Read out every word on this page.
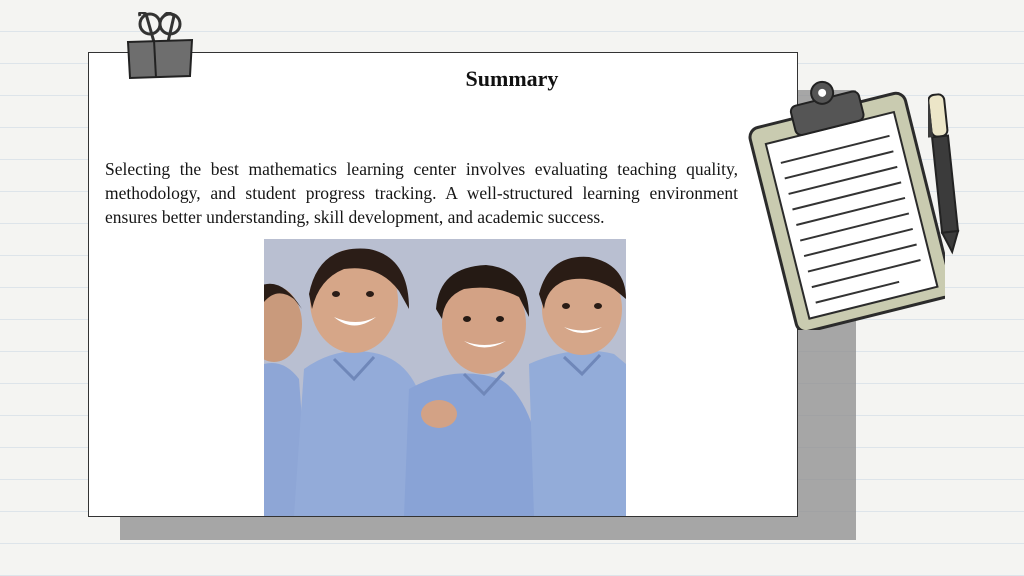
Summary

Selecting the best mathematics learning center involves evaluating teaching quality, methodology, and student progress tracking. A well-structured learning environment ensures better understanding, skill development, and academic success.
